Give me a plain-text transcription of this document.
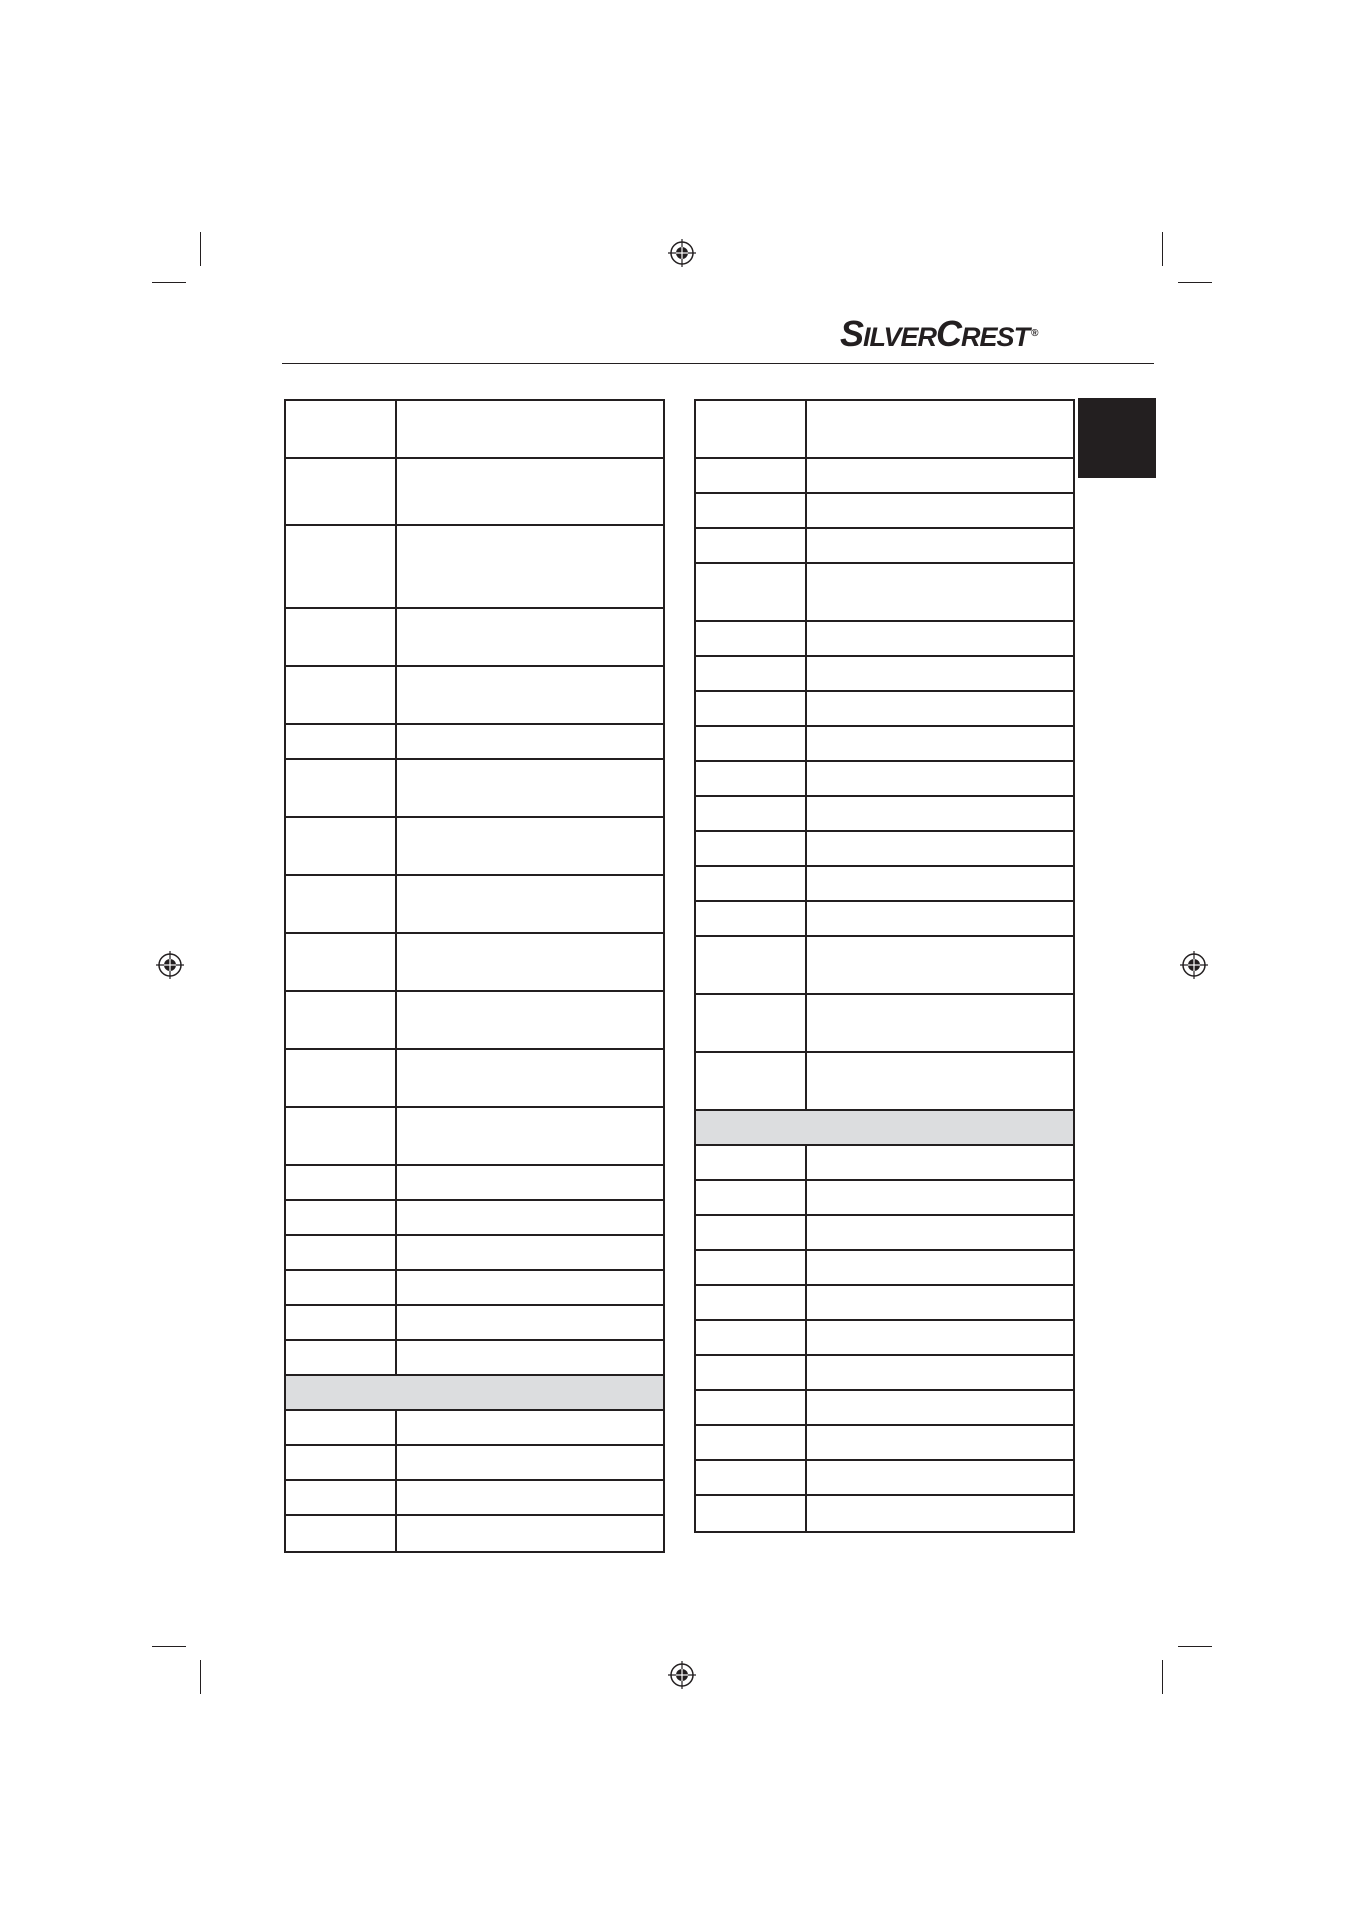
SILVERCREST ®
